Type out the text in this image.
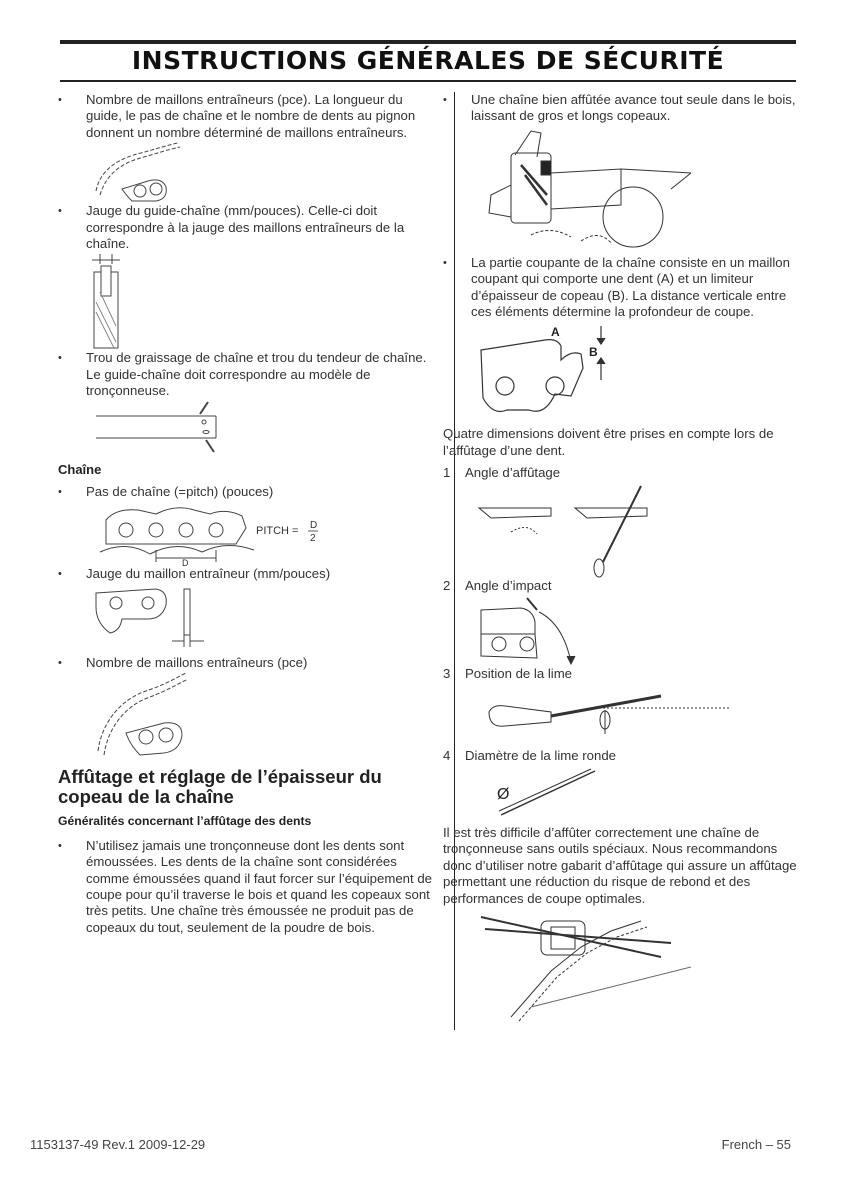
INSTRUCTIONS GÉNÉRALES DE SÉCURITÉ

• Nombre de maillons entraîneurs (pce). La longueur du guide, le pas de chaîne et le nombre de dents au pignon donnent un nombre déterminé de maillons entraîneurs.

• Jauge du guide-chaîne (mm/pouces). Celle-ci doit correspondre à la jauge des maillons entraîneurs de la chaîne.

• Trou de graissage de chaîne et trou du tendeur de chaîne. Le guide-chaîne doit correspondre au modèle de tronçonneuse.

Chaîne

• Pas de chaîne (=pitch) (pouces)

PITCH = D
2
D

• Jauge du maillon entraîneur (mm/pouces)

• Nombre de maillons entraîneurs (pce)

Affûtage et réglage de l’épaisseur du copeau de la chaîne

Généralités concernant l’affûtage des dents

• N’utilisez jamais une tronçonneuse dont les dents sont émoussées. Les dents de la chaîne sont considérées comme émoussées quand il faut forcer sur l’équipement de coupe pour qu’il traverse le bois et quand les copeaux sont très petits. Une chaîne très émoussée ne produit pas de copeaux du tout, seulement de la poudre de bois.

• Une chaîne bien affûtée avance tout seule dans le bois, laissant de gros et longs copeaux.

• La partie coupante de la chaîne consiste en un maillon coupant qui comporte une dent (A) et un limiteur d’épaisseur de copeau (B). La distance verticale entre ces éléments détermine la profondeur de coupe.

A
B

Quatre dimensions doivent être prises en compte lors de l’affûtage d’une dent.

1 Angle d’affûtage

2 Angle d’impact

3 Position de la lime

4 Diamètre de la lime ronde

Ø

Il est très difficile d’affûter correctement une chaîne de tronçonneuse sans outils spéciaux. Nous recommandons donc d’utiliser notre gabarit d’affûtage qui assure un affûtage permettant une réduction du risque de rebond et des performances de coupe optimales.

1153137-49 Rev.1 2009-12-29	French – 55
